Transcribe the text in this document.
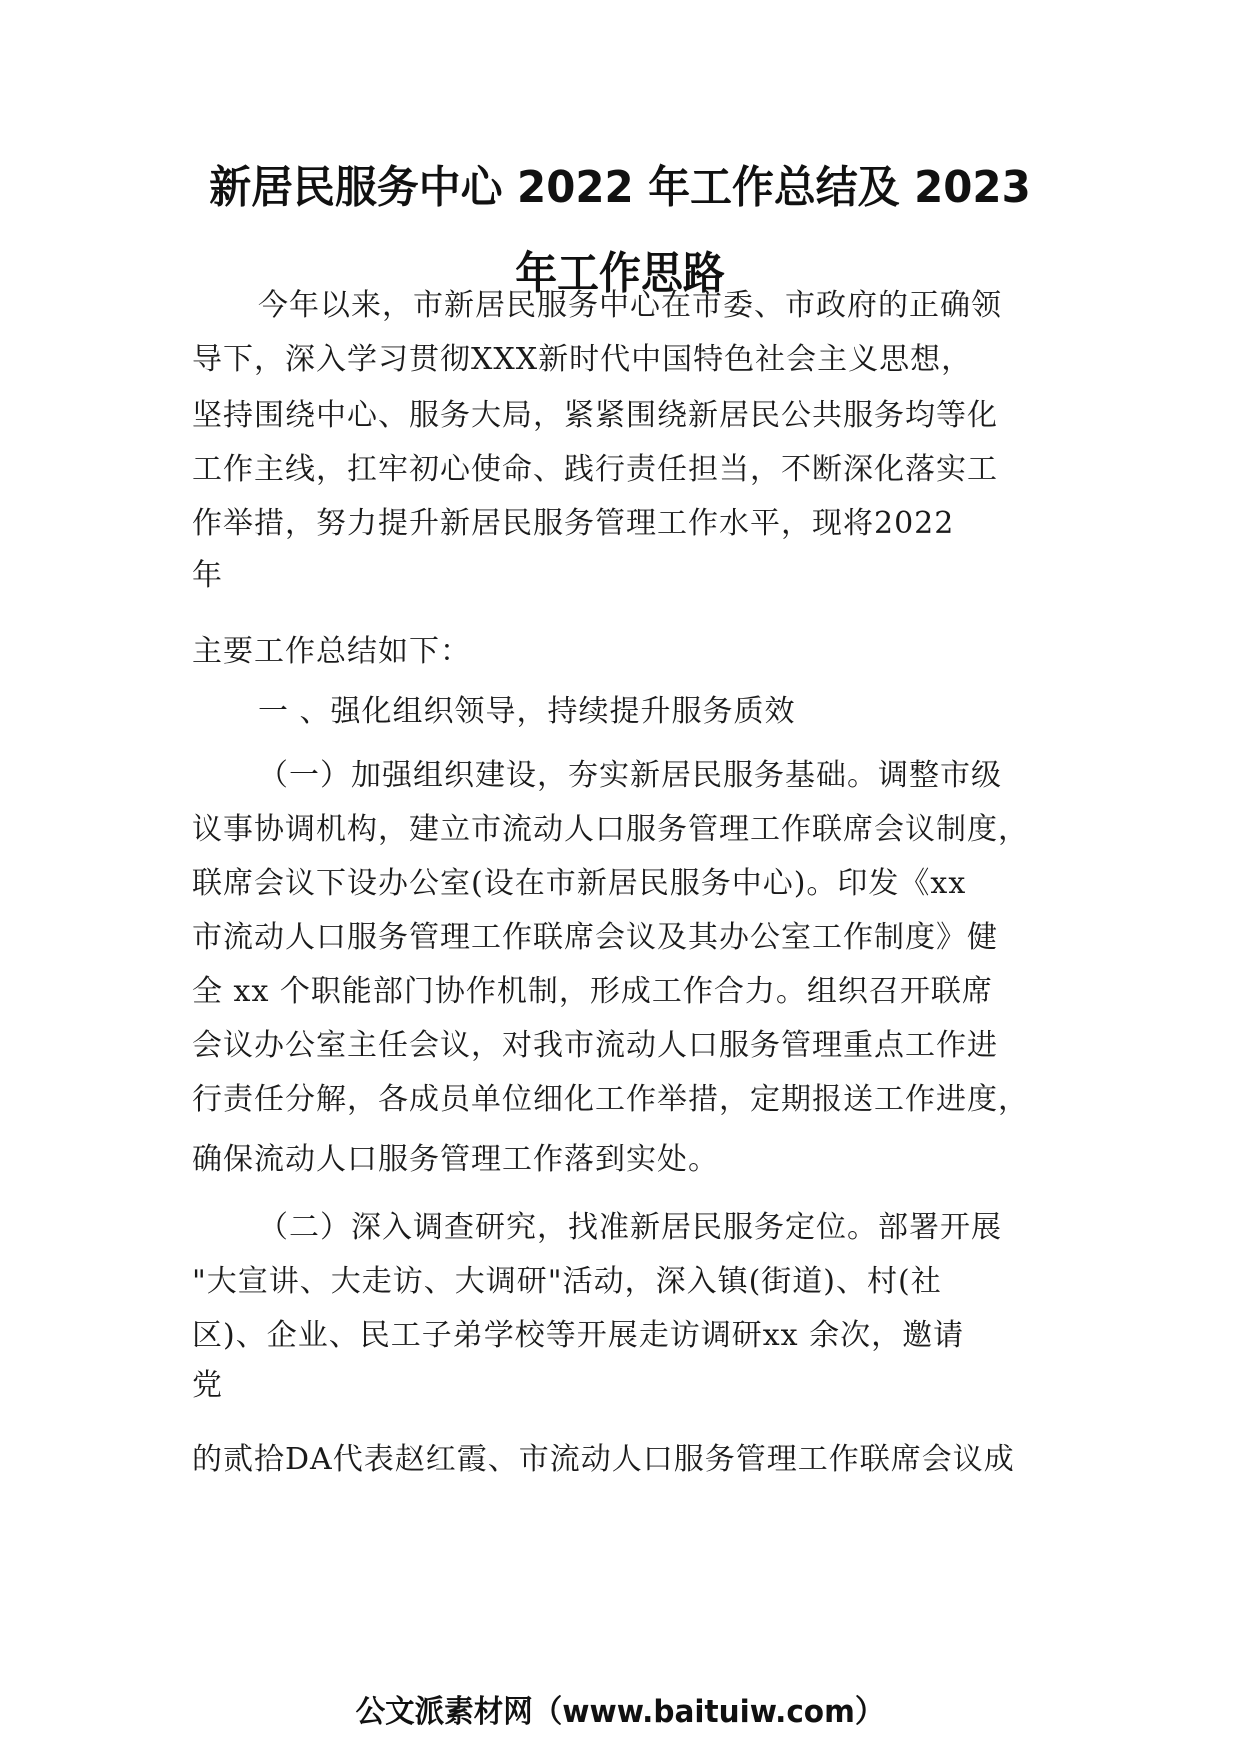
新居民服务中心 2022 年工作总结及 2023
年工作思路
今年以来，市新居民服务中心在市委、市政府的正确领
导下，深入学习贯彻XXX新时代中国特色社会主义思想，
坚持围绕中心、服务大局，紧紧围绕新居民公共服务均等化
工作主线，扛牢初心使命、践行责任担当，不断深化落实工
作举措，努力提升新居民服务管理工作水平，现将2022
年
主要工作总结如下：
一 、强化组织领导，持续提升服务质效
（一）加强组织建设，夯实新居民服务基础。调整市级
议事协调机构，建立市流动人口服务管理工作联席会议制度，
联席会议下设办公室(设在市新居民服务中心)。印发《xx
市流动人口服务管理工作联席会议及其办公室工作制度》健
全 xx 个职能部门协作机制，形成工作合力。组织召开联席
会议办公室主任会议，对我市流动人口服务管理重点工作进
行责任分解，各成员单位细化工作举措，定期报送工作进度，
确保流动人口服务管理工作落到实处。
（二）深入调查研究，找准新居民服务定位。部署开展
"大宣讲、大走访、大调研"活动，深入镇(街道)、村(社
区)、企业、民工子弟学校等开展走访调研xx 余次，邀请
党
的贰拾DA代表赵红霞、市流动人口服务管理工作联席会议成
公文派素材网（www.baituiw.com）
